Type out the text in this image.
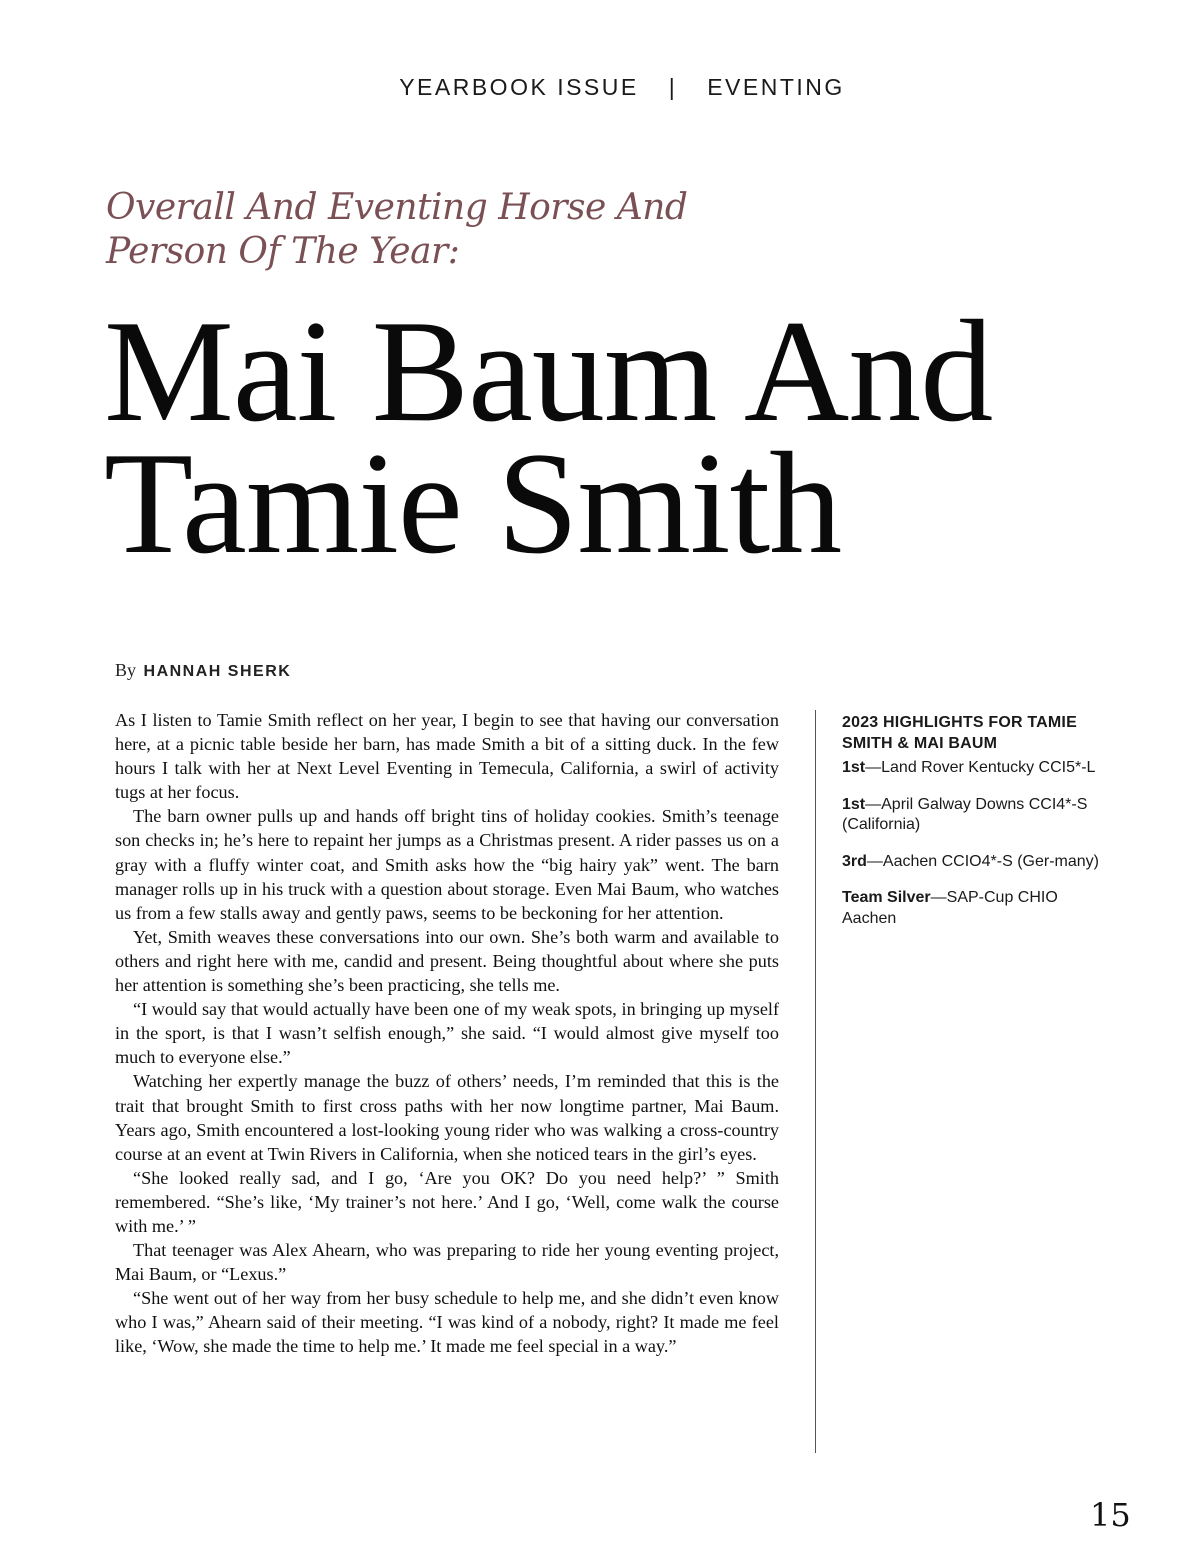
YEARBOOK ISSUE | EVENTING
Overall And Eventing Horse And
Person Of The Year:
Mai Baum And
Tamie Smith
By HANNAH SHERK

As I listen to Tamie Smith reflect on her year, I begin to see that having our conversation here, at a picnic table beside her barn, has made Smith a bit of a sitting duck. In the few hours I talk with her at Next Level Eventing in Temecula, California, a swirl of activity tugs at her focus.

The barn owner pulls up and hands off bright tins of holiday cookies. Smith’s teenage son checks in; he’s here to repaint her jumps as a Christmas present. A rider passes us on a gray with a fluffy winter coat, and Smith asks how the “big hairy yak” went. The barn manager rolls up in his truck with a question about storage. Even Mai Baum, who watches us from a few stalls away and gently paws, seems to be beckoning for her attention.

Yet, Smith weaves these conversations into our own. She’s both warm and available to others and right here with me, candid and present. Being thoughtful about where she puts her attention is something she’s been practicing, she tells me.

“I would say that would actually have been one of my weak spots, in bringing up myself in the sport, is that I wasn’t selfish enough,” she said. “I would almost give myself too much to everyone else.”

Watching her expertly manage the buzz of others’ needs, I’m reminded that this is the trait that brought Smith to first cross paths with her now longtime partner, Mai Baum. Years ago, Smith encountered a lost-looking young rider who was walking a cross-country course at an event at Twin Rivers in California, when she noticed tears in the girl’s eyes.

“She looked really sad, and I go, ‘Are you OK? Do you need help?’ ” Smith remembered. “She’s like, ‘My trainer’s not here.’ And I go, ‘Well, come walk the course with me.’ ”

That teenager was Alex Ahearn, who was preparing to ride her young eventing project, Mai Baum, or “Lexus.”

“She went out of her way from her busy schedule to help me, and she didn’t even know who I was,” Ahearn said of their meeting. “I was kind of a nobody, right? It made me feel like, ‘Wow, she made the time to help me.’ It made me feel special in a way.”

2023 HIGHLIGHTS FOR TAMIE SMITH & MAI BAUM
1st—Land Rover Kentucky CCI5*-L
1st—April Galway Downs CCI4*-S (California)
3rd—Aachen CCIO4*-S (Ger-many)
Team Silver—SAP-Cup CHIO Aachen
15
